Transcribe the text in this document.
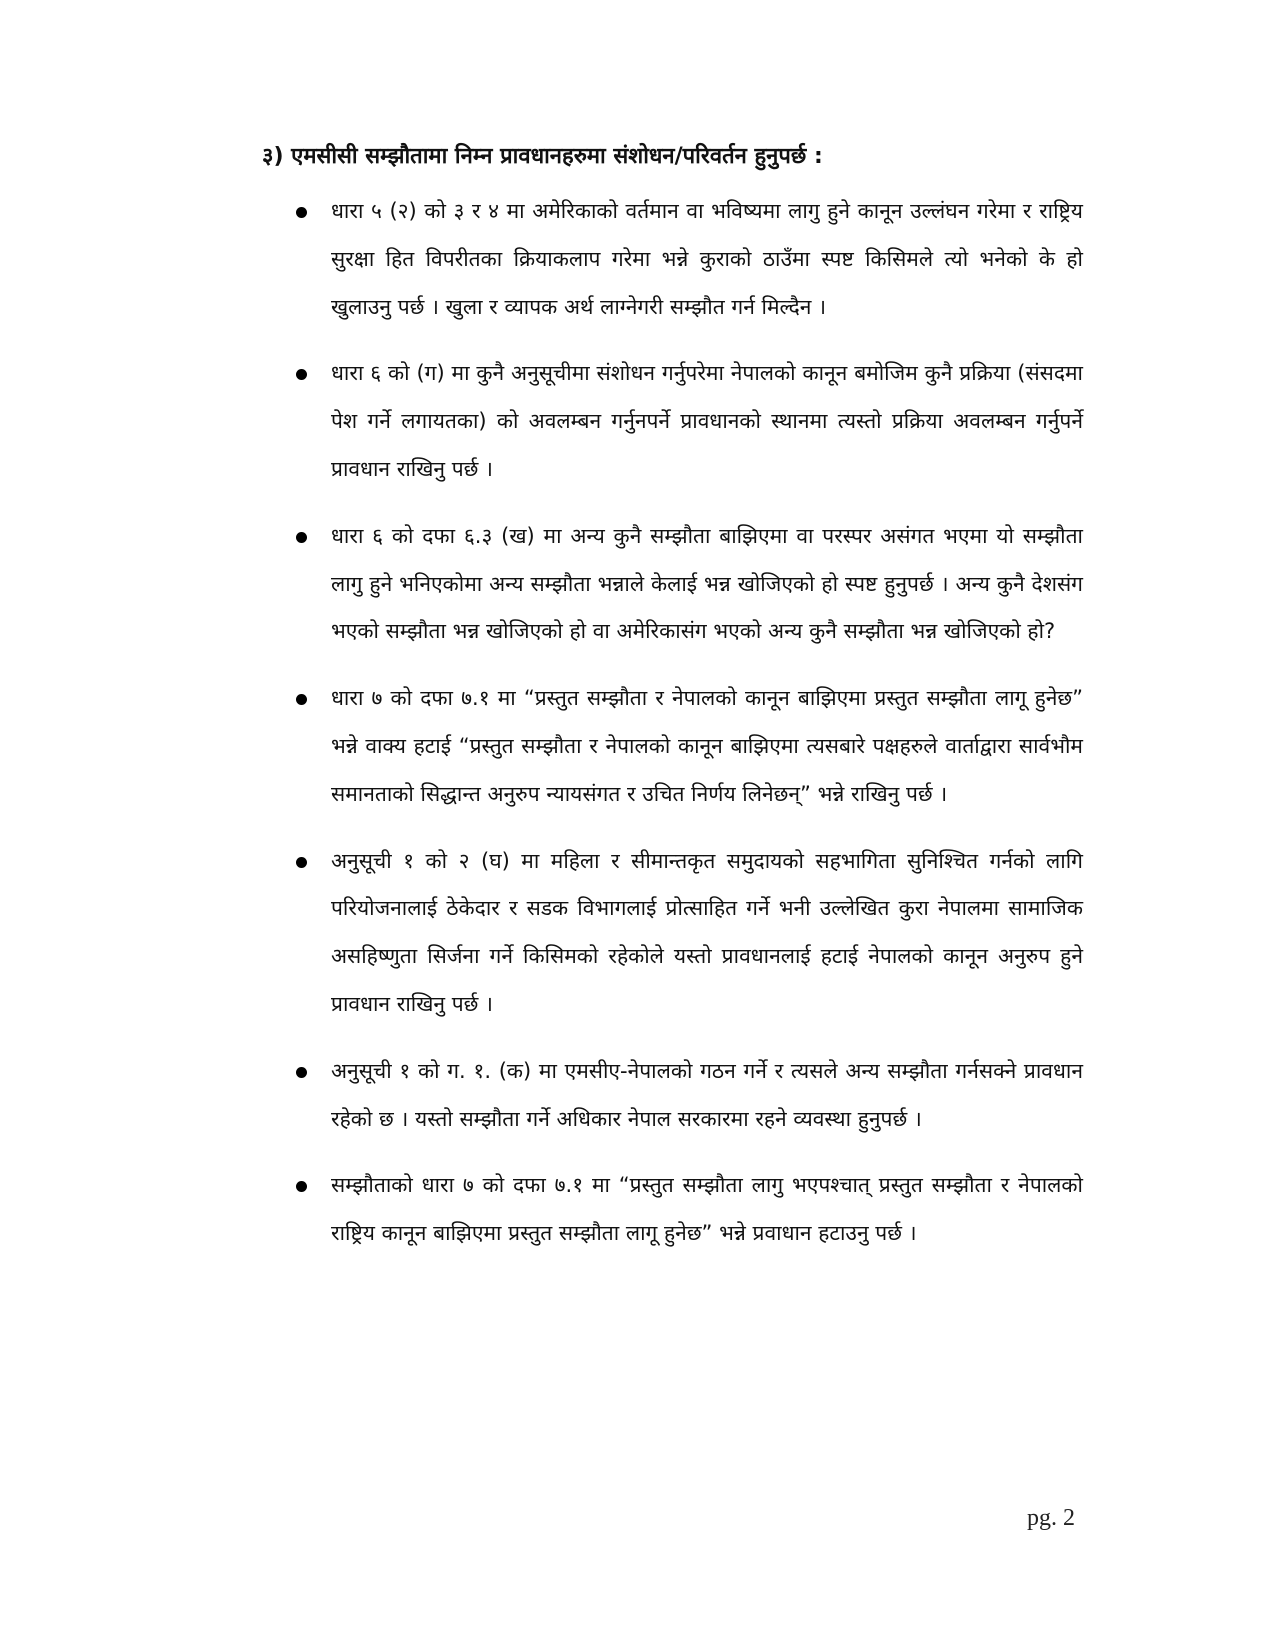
३) एमसीसी सम्झौतामा निम्न प्रावधानहरुमा संशोधन/परिवर्तन हुनुपर्छ :
धारा ५ (२) को ३ र ४ मा अमेरिकाको वर्तमान वा भविष्यमा लागु हुने कानून उल्लंघन गरेमा र राष्ट्रिय सुरक्षा हित विपरीतका क्रियाकलाप गरेमा भन्ने कुराको ठाउँमा स्पष्ट किसिमले त्यो भनेको के हो खुलाउनु पर्छ । खुला र व्यापक अर्थ लाग्नेगरी सम्झौत गर्न मिल्दैन ।
धारा ६ को (ग) मा कुनै अनुसूचीमा संशोधन गर्नुपरेमा नेपालको कानून बमोजिम कुनै प्रक्रिया (संसदमा पेश गर्ने लगायतका) को अवलम्बन गर्नुनपर्ने प्रावधानको स्थानमा त्यस्तो प्रक्रिया अवलम्बन गर्नुपर्ने प्रावधान राखिनु पर्छ ।
धारा ६ को दफा ६.३ (ख) मा अन्य कुनै सम्झौता बाझिएमा वा परस्पर असंगत भएमा यो सम्झौता लागु हुने भनिएकोमा अन्य सम्झौता भन्नाले केलाई भन्न खोजिएको हो स्पष्ट हुनुपर्छ । अन्य कुनै देशसंग भएको सम्झौता भन्न खोजिएको हो वा अमेरिकासंग भएको अन्य कुनै सम्झौता भन्न खोजिएको हो?
धारा ७ को दफा ७.१ मा “प्रस्तुत सम्झौता र नेपालको कानून बाझिएमा प्रस्तुत सम्झौता लागू हुनेछ” भन्ने वाक्य हटाई “प्रस्तुत सम्झौता र नेपालको कानून बाझिएमा त्यसबारे पक्षहरुले वार्ताद्वारा सार्वभौम समानताको सिद्धान्त अनुरुप न्यायसंगत र उचित निर्णय लिनेछन्” भन्ने राखिनु पर्छ ।
अनुसूची १ को २ (घ) मा महिला र सीमान्तकृत समुदायको सहभागिता सुनिश्चित गर्नको लागि परियोजनालाई ठेकेदार र सडक विभागलाई प्रोत्साहित गर्ने भनी उल्लेखित कुरा नेपालमा सामाजिक असहिष्णुता सिर्जना गर्ने किसिमको रहेकोले यस्तो प्रावधानलाई हटाई नेपालको कानून अनुरुप हुने प्रावधान राखिनु पर्छ ।
अनुसूची १ को ग. १. (क) मा एमसीए-नेपालको गठन गर्ने र त्यसले अन्य सम्झौता गर्नसक्ने प्रावधान रहेको छ । यस्तो सम्झौता गर्ने अधिकार नेपाल सरकारमा रहने व्यवस्था हुनुपर्छ ।
सम्झौताको धारा ७ को दफा ७.१ मा “प्रस्तुत सम्झौता लागु भएपश्चात् प्रस्तुत सम्झौता र नेपालको राष्ट्रिय कानून बाझिएमा प्रस्तुत सम्झौता लागू हुनेछ” भन्ने प्रवाधान हटाउनु पर्छ ।
pg. 2
